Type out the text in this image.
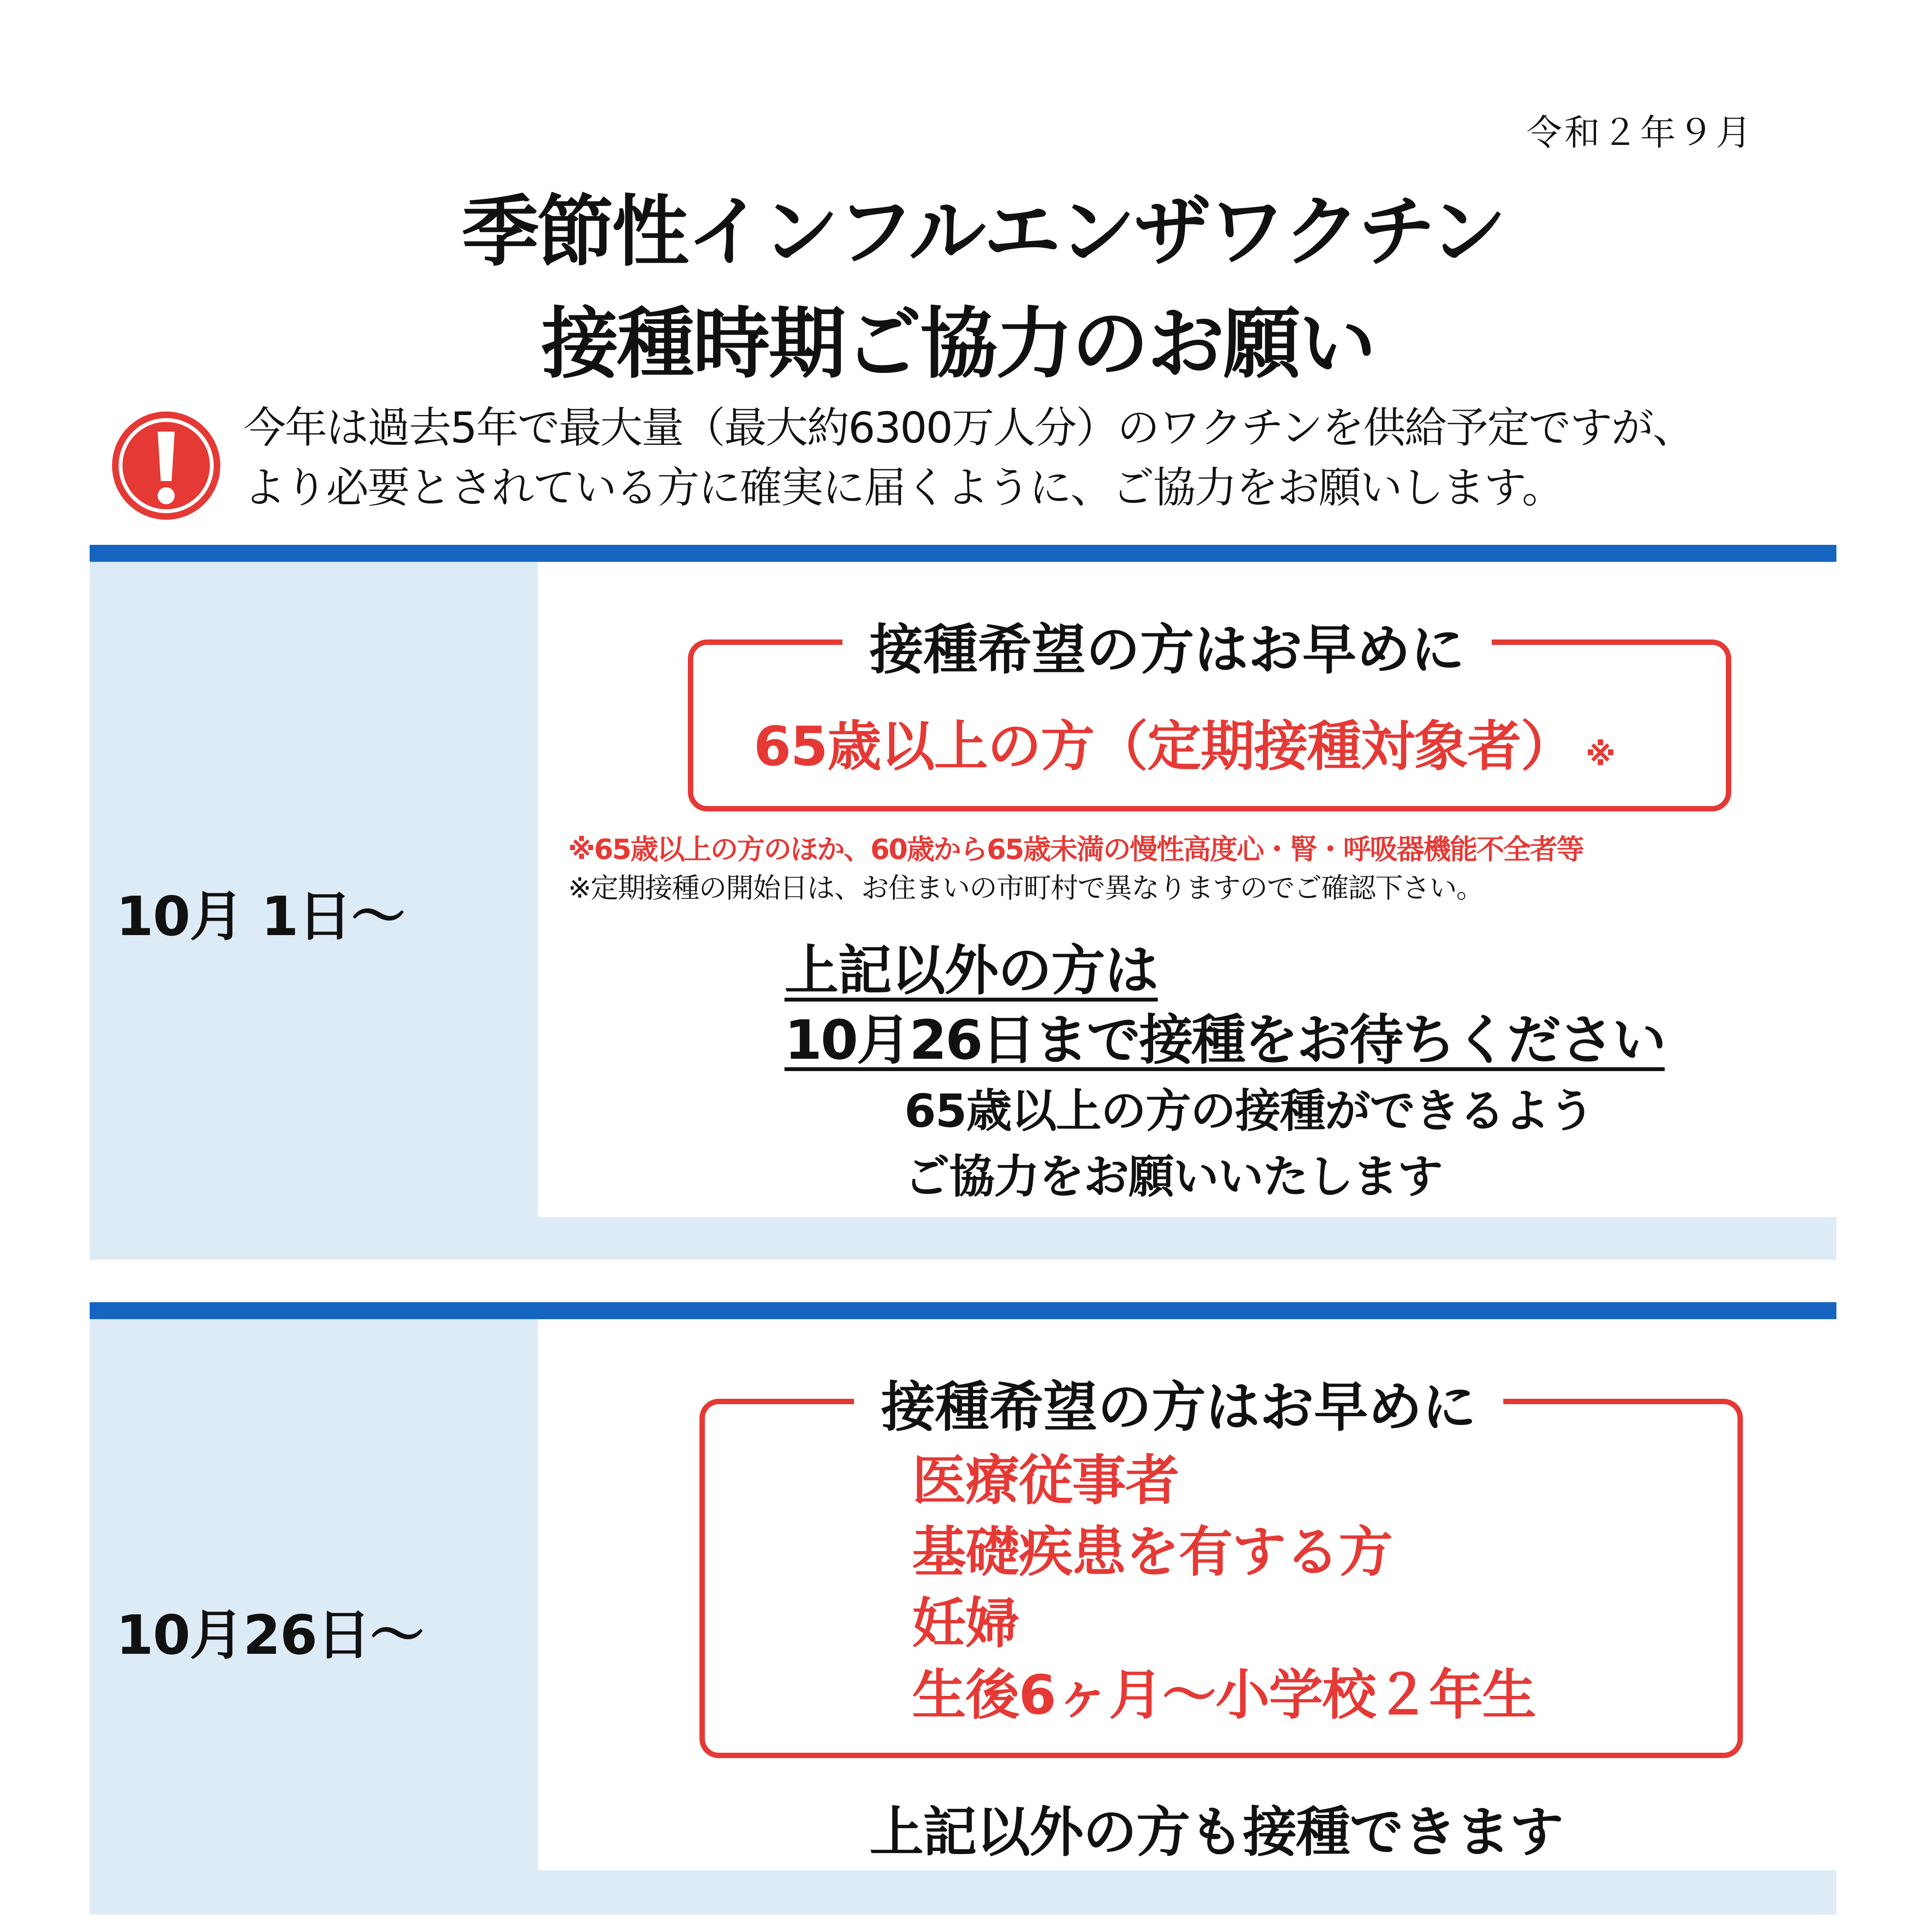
令和２年９月
季節性インフルエンザワクチン
接種時期ご協力のお願い
今年は過去5年で最大量（最大約6300万人分）のワクチンを供給予定ですが、
より必要とされている方に確実に届くように、ご協力をお願いします。
10月 1日～
接種希望の方はお早めに
65歳以上の方（定期接種対象者） ※
※65歳以上の方のほか、60歳から65歳未満の慢性高度心・腎・呼吸器機能不全者等
※定期接種の開始日は、お住まいの市町村で異なりますのでご確認下さい。
上記以外の方は
10月26日まで接種をお待ちください
65歳以上の方の接種ができるよう
ご協力をお願いいたします
10月26日～
接種希望の方はお早めに
医療従事者
基礎疾患を有する方
妊婦
生後6ヶ月～小学校２年生
上記以外の方も接種できます
